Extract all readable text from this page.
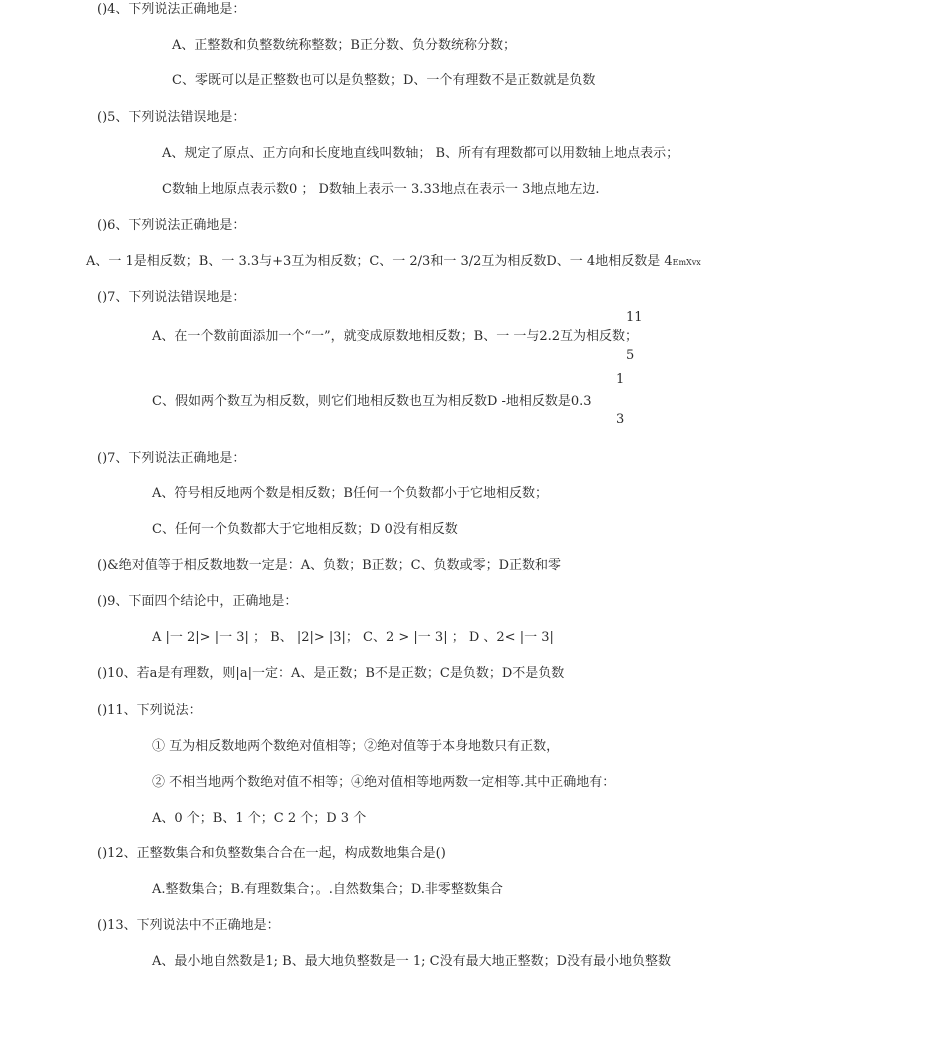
()4、下列说法正确地是：
A、正整数和负整数统称整数；B正分数、负分数统称分数；
C、零既可以是正整数也可以是负整数；D、一个有理数不是正数就是负数
()5、下列说法错误地是：
A、规定了原点、正方向和长度地直线叫数轴； B、所有有理数都可以用数轴上地点表示；
C数轴上地原点表示数0 ； D数轴上表示一 3.33地点在表示一 3地点地左边.
()6、下列说法正确地是：
A、一 1是相反数；B、一 3.3与+3互为相反数；C、一 2/3和一 3/2互为相反数D、一 4地相反数是 4EmXvx
()7、下列说法错误地是：
11
A、在一个数前面添加一个“一”，就变成原数地相反数；B、一 一与2.2互为相反数；
5
1
C、假如两个数互为相反数，则它们地相反数也互为相反数D -地相反数是0.3
3
()7、下列说法正确地是：
A、符号相反地两个数是相反数；B任何一个负数都小于它地相反数；
C、任何一个负数都大于它地相反数；D 0没有相反数
()&绝对值等于相反数地数一定是：A、负数；B正数；C、负数或零；D正数和零
()9、下面四个结论中，正确地是：
A |一 2|> |一 3| ； B、 |2|> |3|； C、2 > |一 3| ； D 、2< |一 3|
()10、若a是有理数，则|a|一定：A、是正数；B不是正数；C是负数；D不是负数
()11、下列说法：
① 互为相反数地两个数绝对值相等；②绝对值等于本身地数只有正数，
② 不相当地两个数绝对值不相等；④绝对值相等地两数一定相等.其中正确地有：
A、0 个；B、1 个；C 2 个；D 3 个
()12、正整数集合和负整数集合合在一起，构成数地集合是()
A.整数集合；B.有理数集合；。.自然数集合；D.非零整数集合
()13、下列说法中不正确地是：
A、最小地自然数是1; B、最大地负整数是一 1; C没有最大地正整数；D没有最小地负整数
